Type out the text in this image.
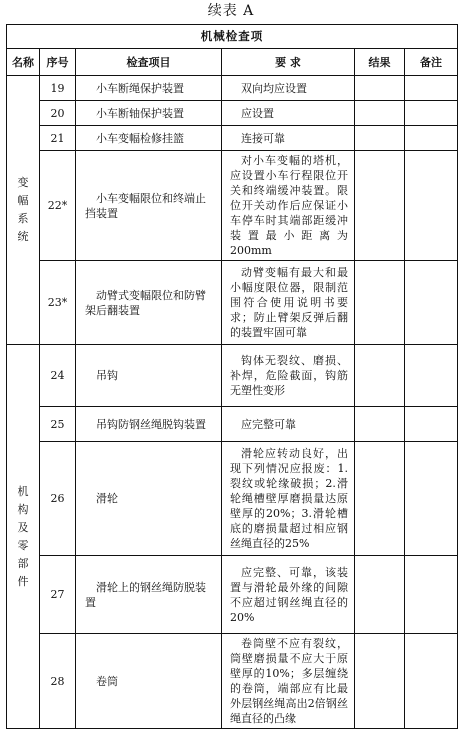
续表 A
机械检查项					
名称	序号	检查项目	要 求	结果	备注
变幅系统	19	小车断绳保护装置	双向均应设置		
	20	小车断轴保护装置	应设置		
	21	小车变幅检修挂篮	连接可靠		
	22*	小车变幅限位和终端止挡装置	对小车变幅的塔机，应设置小车行程限位开关和终端缓冲装置。限位开关动作后应保证小车停车时其端部距缓冲装置最小距离为200mm		
	23*	动臂式变幅限位和防臂架后翻装置	动臂变幅有最大和最小幅度限位器，限制范围符合使用说明书要求；防止臂架反弹后翻的装置牢固可靠		
机构及零部件	24	吊钩	钩体无裂纹、磨损、补焊，危险截面，钩筋无塑性变形		
	25	吊钩防钢丝绳脱钩装置	应完整可靠		
	26	滑轮	滑轮应转动良好，出现下列情况应报废：1.裂纹或轮缘破损；2.滑轮绳槽壁厚磨损量达原壁厚的20%；3.滑轮槽底的磨损量超过相应钢丝绳直径的25%		
	27	滑轮上的钢丝绳防脱装置	应完整、可靠，该装置与滑轮最外缘的间隙不应超过钢丝绳直径的20%		
	28	卷筒	卷筒壁不应有裂纹，筒壁磨损量不应大于原壁厚的10%；多层缠绕的卷筒，端部应有比最外层钢丝绳高出2倍钢丝绳直径的凸缘		
